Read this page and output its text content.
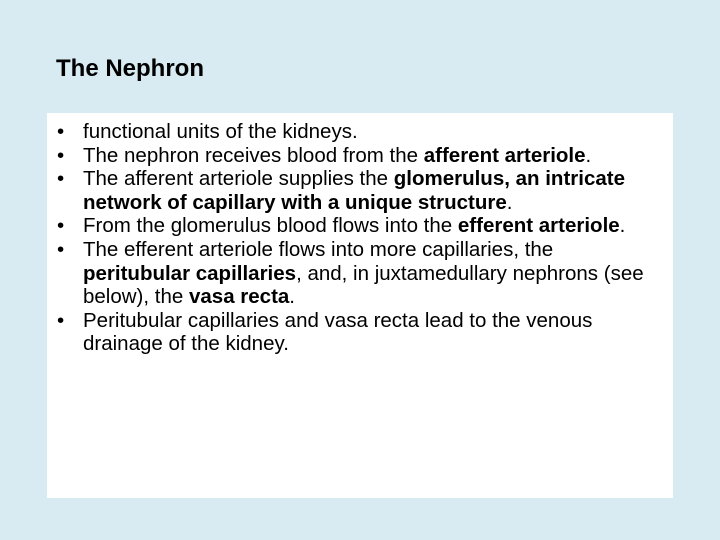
The Nephron
• functional units of the kidneys.
• The nephron receives blood from the afferent arteriole.
• The afferent arteriole supplies the glomerulus, an intricate network of capillary with a unique structure.
• From the glomerulus blood flows into the efferent arteriole.
• The efferent arteriole flows into more capillaries, the peritubular capillaries, and, in juxtamedullary nephrons (see below), the vasa recta.
• Peritubular capillaries and vasa recta lead to the venous drainage of the kidney.
